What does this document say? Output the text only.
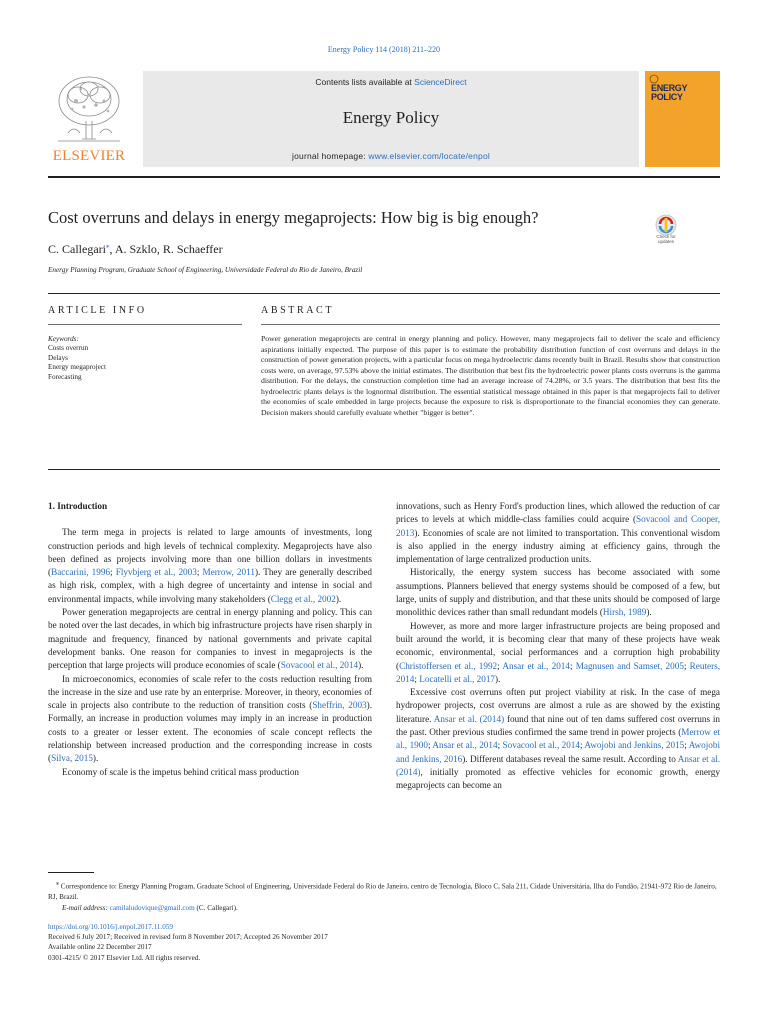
Energy Policy 114 (2018) 211–220
ELSEVIER
Contents lists available at ScienceDirect
Energy Policy
journal homepage: www.elsevier.com/locate/enpol
ENERGY
POLICY
Cost overruns and delays in energy megaprojects: How big is big enough?
Check for
updates
C. Callegari⁎, A. Szklo, R. Schaeffer
Energy Planning Program, Graduate School of Engineering, Universidade Federal do Rio de Janeiro, Brazil
ARTICLE INFO	ABSTRACT
Keywords:
Costs overrun
Delays
Energy megaproject
Forecasting
Power generation megaprojects are central in energy planning and policy. However, many megaprojects fail to deliver the scale and efficiency aspirations initially expected. The purpose of this paper is to estimate the probability distribution function of cost overruns and delays in the construction of power generation projects, with a particular focus on mega hydroelectric dams recently built in Brazil. Results show that construction costs were, on average, 97.53% above the initial estimates. The distribution that best fits the hydroelectric power plants costs overruns is the gamma distribution. For the delays, the construction completion time had an average increase of 74.28%, or 3.5 years. The distribution that best fits the hydroelectric plants delays is the lognormal distribution. The essential statistical message obtained in this paper is that megaprojects fail to deliver the economies of scale embedded in large projects because the exposure to risk is disproportionate to the financial economies they can generate. Decision makers should carefully evaluate whether "bigger is better".
1. Introduction

The term mega in projects is related to large amounts of investments, long construction periods and high levels of technical complexity. Megaprojects have also been defined as projects involving more than one billion dollars in investments (Baccarini, 1996; Flyvbjerg et al., 2003; Merrow, 2011). They are generally described as high risk, complex, with a high degree of uncertainty and intense in social and environmental impacts, while involving many stakeholders (Clegg et al., 2002).

Power generation megaprojects are central in energy planning and policy. This can be noted over the last decades, in which big infrastructure projects have risen sharply in magnitude and frequency, financed by national governments and private capital development banks. One reason for companies to invest in megaprojects is the perception that large projects will produce economies of scale (Sovacool et al., 2014).

In microeconomics, economies of scale refer to the costs reduction resulting from the increase in the size and use rate by an enterprise. Moreover, in theory, economies of scale in projects also contribute to the reduction of transition costs (Sheffrin, 2003). Formally, an increase in production volumes may imply in an increase in production costs to a greater or lesser extent. The economies of scale concept reflects the relationship between increased production and the corresponding increase in costs (Silva, 2015).

Economy of scale is the impetus behind critical mass production

innovations, such as Henry Ford's production lines, which allowed the reduction of car prices to levels at which middle-class families could acquire (Sovacool and Cooper, 2013). Economies of scale are not limited to transportation. This conventional wisdom is also applied in the energy industry aiming at efficiency gains, through the implementation of large centralized production units.

Historically, the energy system success has become associated with some assumptions. Planners believed that energy systems should be composed of a few, but large, units of supply and distribution, and that these units should be composed of large monolithic devices rather than small redundant models (Hirsh, 1989).

However, as more and more larger infrastructure projects are being proposed and built around the world, it is becoming clear that many of these projects have weak economic, environmental, social performances and a corruption high probability (Christoffersen et al., 1992; Ansar et al., 2014; Magnusen and Samset, 2005; Reuters, 2014; Locatelli et al., 2017).

Excessive cost overruns often put project viability at risk. In the case of mega hydropower projects, cost overruns are almost a rule as are showed by the existing literature. Ansar et al. (2014) found that nine out of ten dams suffered cost overruns in the past. Other previous studies confirmed the same trend in power projects (Merrow et al., 1900; Ansar et al., 2014; Sovacool et al., 2014; Awojobi and Jenkins, 2015; Awojobi and Jenkins, 2016). Different databases reveal the same result. According to Ansar et al. (2014), initially promoted as effective vehicles for economic growth, energy megaprojects can become an

⁎ Correspondence to: Energy Planning Program, Graduate School of Engineering, Universidade Federal do Rio de Janeiro, centro de Tecnologia, Bloco C, Sala 211, Cidade Universitária, Ilha do Fundão, 21941-972 Rio de Janeiro, RJ, Brazil.
E-mail address: camilaludovique@gmail.com (C. Callegari).
https://doi.org/10.1016/j.enpol.2017.11.059
Received 6 July 2017; Received in revised form 8 November 2017; Accepted 26 November 2017
Available online 22 December 2017
0301-4215/ © 2017 Elsevier Ltd. All rights reserved.
